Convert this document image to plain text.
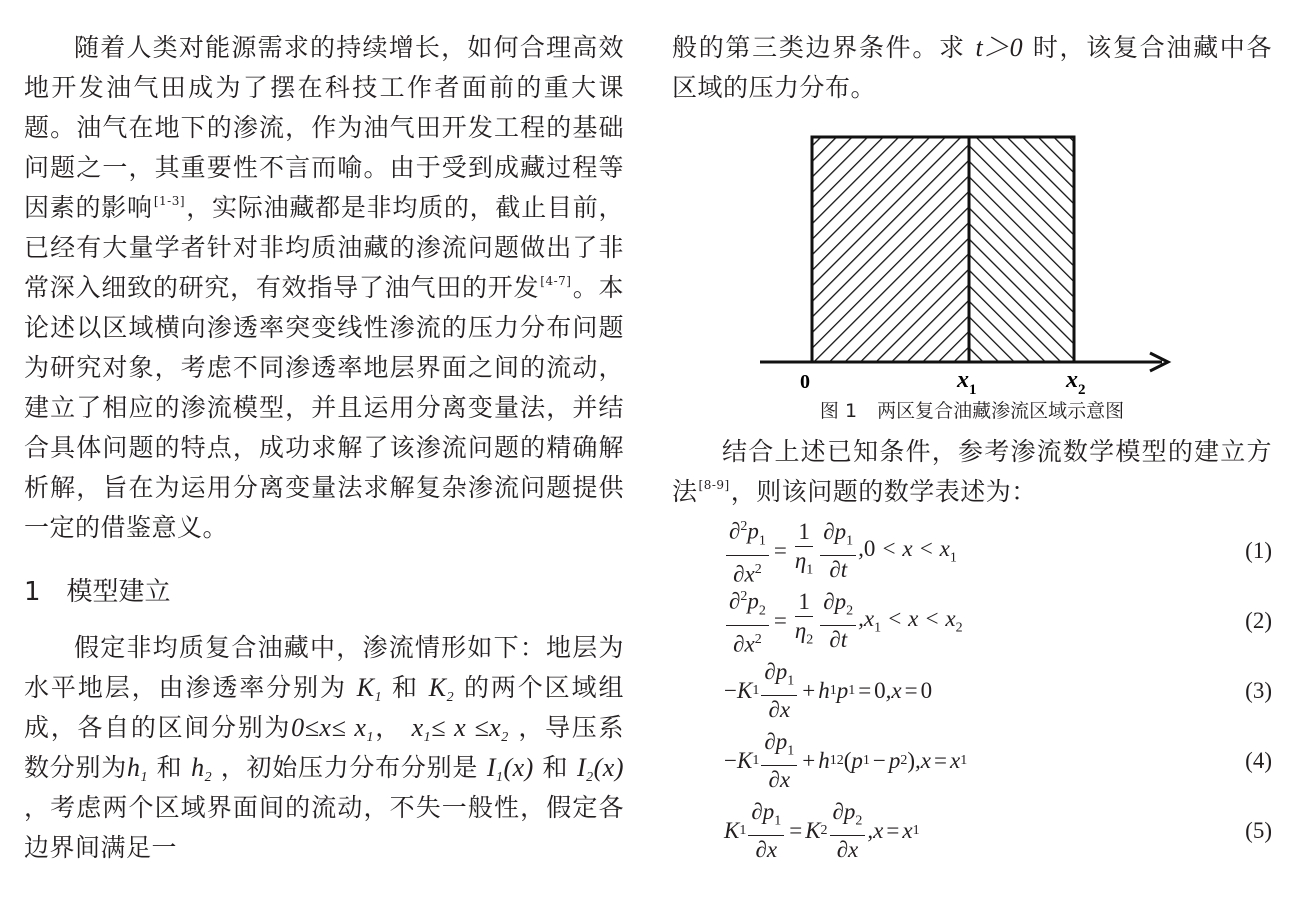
随着人类对能源需求的持续增长，如何合理高效地开发油气田成为了摆在科技工作者面前的重大课题。油气在地下的渗流，作为油气田开发工程的基础问题之一，其重要性不言而喻。由于受到成藏过程等因素的影响[1-3]，实际油藏都是非均质的，截止目前，已经有大量学者针对非均质油藏的渗流问题做出了非常深入细致的研究，有效指导了油气田的开发[4-7]。本论述以区域横向渗透率突变线性渗流的压力分布问题为研究对象，考虑不同渗透率地层界面之间的流动，建立了相应的渗流模型，并且运用分离变量法，并结合具体问题的特点，成功求解了该渗流问题的精确解析解，旨在为运用分离变量法求解复杂渗流问题提供一定的借鉴意义。

1 模型建立

假定非均质复合油藏中，渗流情形如下：地层为水平地层，由渗透率分别为 $K_1$ 和 $K_2$ 的两个区域组成，各自的区间分别为$0\le x\le x_1$， $x_1\le x \le x_2$ ，导压系数分别为$h_1$ 和 $h_2$ ，初始压力分布分别是 $I_1(x)$ 和 $I_2(x)$ ，考虑两个区域界面间的流动，不失一般性，假定各边界间满足一

般的第三类边界条件。求 t＞0 时，该复合油藏中各区域的压力分布。

0	$x_1$	$x_2$
图 1 两区复合油藏渗流区域示意图

结合上述已知条件，参考渗流数学模型的建立方法[8-9]，则该问题的数学表述为：

$\frac{\partial^2p_1}{\partial x^2} = \frac{1}{\eta_1} \frac{\partial p_1}{\partial t} ,0 < x < x_1$	(1)
$\frac{\partial^2p_2}{\partial x^2} = \frac{1}{\eta_2} \frac{\partial p_2}{\partial t} ,x_1 < x < x_2$	(2)
− K $1 \frac{\partial p_1}{\partial x} + h$ 1 p 1 = 0 ,x = 0	(3)
− K $1 \frac{\partial p_1}{\partial x} + h$ 12 ( p 1 − p 2 ) ,x = x 1	(4)
K $1 \frac{\partial p_1}{\partial x} = K$ $2 \frac{\partial p_2}{\partial x} ,x = x$ 1	(5)
